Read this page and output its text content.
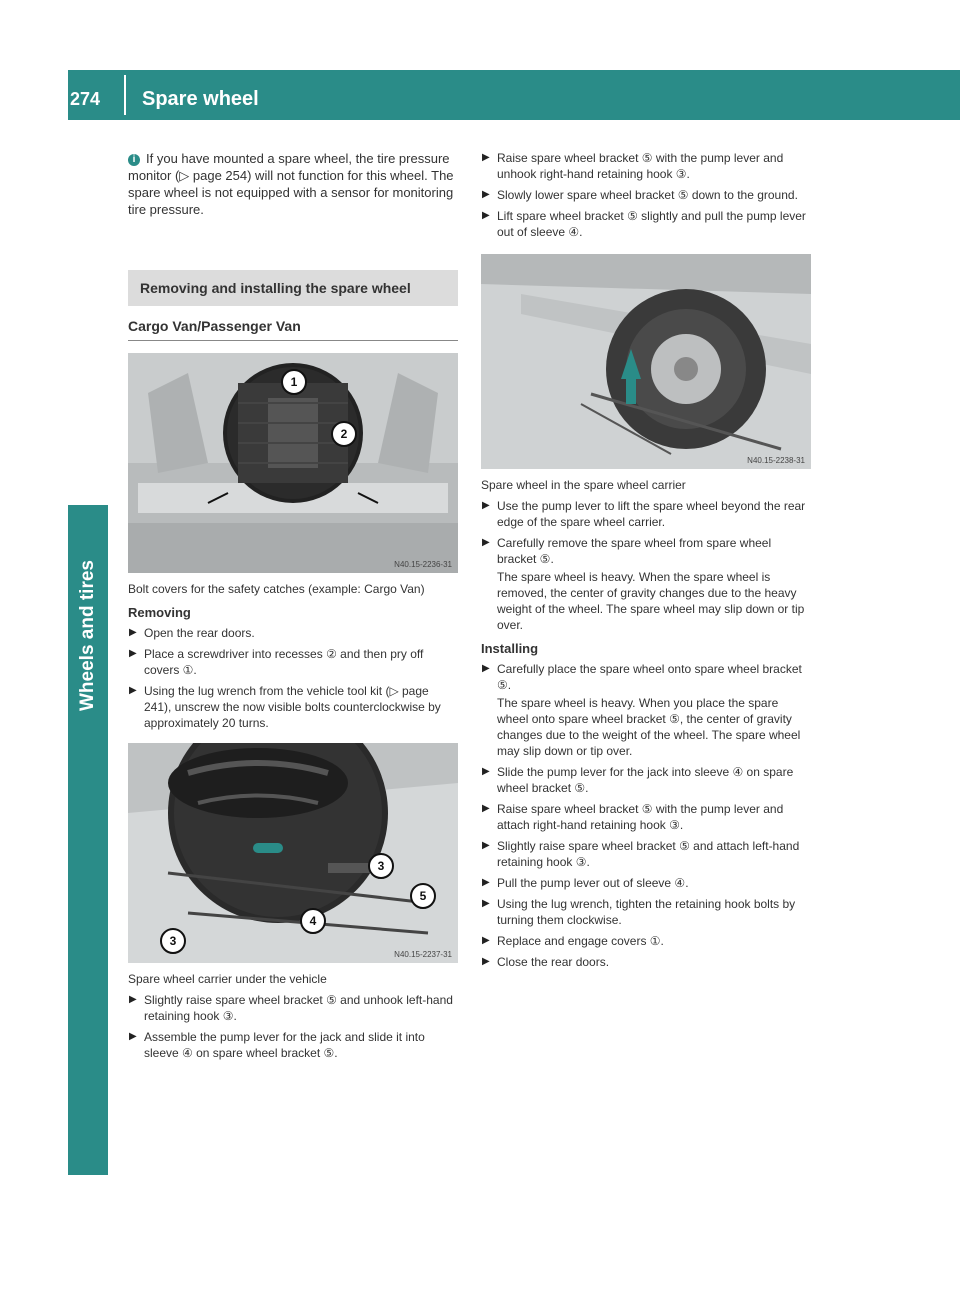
274 Spare wheel
Wheels and tires
i If you have mounted a spare wheel, the tire pressure monitor (▷ page 254) will not function for this wheel. The spare wheel is not equipped with a sensor for monitoring tire pressure.
Removing and installing the spare wheel
Cargo Van/Passenger Van
1
2
N40.15-2236-31
Bolt covers for the safety catches (example: Cargo Van)
Removing
▶ Open the rear doors.
▶ Place a screwdriver into recesses ② and then pry off covers ①.
▶ Using the lug wrench from the vehicle tool kit (▷ page 241), unscrew the now visible bolts counterclockwise by approximately 20 turns.
3
5
4
3
N40.15-2237-31
Spare wheel carrier under the vehicle
▶ Slightly raise spare wheel bracket ⑤ and unhook left-hand retaining hook ③.
▶ Assemble the pump lever for the jack and slide it into sleeve ④ on spare wheel bracket ⑤.
▶ Raise spare wheel bracket ⑤ with the pump lever and unhook right-hand retaining hook ③.
▶ Slowly lower spare wheel bracket ⑤ down to the ground.
▶ Lift spare wheel bracket ⑤ slightly and pull the pump lever out of sleeve ④.
N40.15-2238-31
Spare wheel in the spare wheel carrier
▶ Use the pump lever to lift the spare wheel beyond the rear edge of the spare wheel carrier.
▶ Carefully remove the spare wheel from spare wheel bracket ⑤.
The spare wheel is heavy. When the spare wheel is removed, the center of gravity changes due to the heavy weight of the wheel. The spare wheel may slip down or tip over.
Installing
▶ Carefully place the spare wheel onto spare wheel bracket ⑤.
The spare wheel is heavy. When you place the spare wheel onto spare wheel bracket ⑤, the center of gravity changes due to the weight of the wheel. The spare wheel may slip down or tip over.
▶ Slide the pump lever for the jack into sleeve ④ on spare wheel bracket ⑤.
▶ Raise spare wheel bracket ⑤ with the pump lever and attach right-hand retaining hook ③.
▶ Slightly raise spare wheel bracket ⑤ and attach left-hand retaining hook ③.
▶ Pull the pump lever out of sleeve ④.
▶ Using the lug wrench, tighten the retaining hook bolts by turning them clockwise.
▶ Replace and engage covers ①.
▶ Close the rear doors.
